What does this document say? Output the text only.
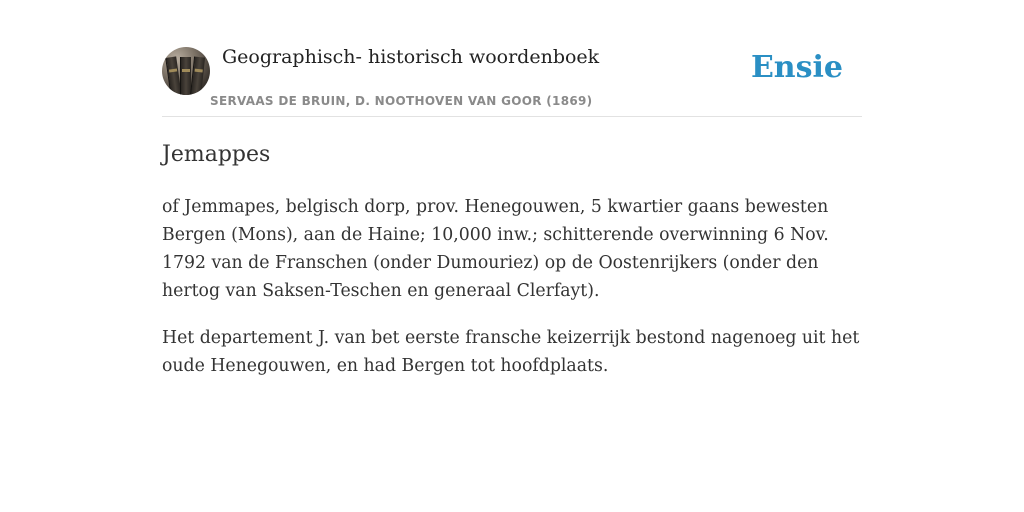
Geographisch- historisch woordenboek
SERVAAS DE BRUIN, D. NOOTHOVEN VAN GOOR (1869)
Ensie
Jemappes

of Jemmapes, belgisch dorp, prov. Henegouwen, 5 kwartier gaans bewesten Bergen (Mons), aan de Haine; 10,000 inw.; schitterende overwinning 6 Nov. 1792 van de Franschen (onder Dumouriez) op de Oostenrijkers (onder den hertog van Saksen-Teschen en generaal Clerfayt).

Het departement J. van bet eerste fransche keizerrijk bestond nagenoeg uit het oude Henegouwen, en had Bergen tot hoofdplaats.
